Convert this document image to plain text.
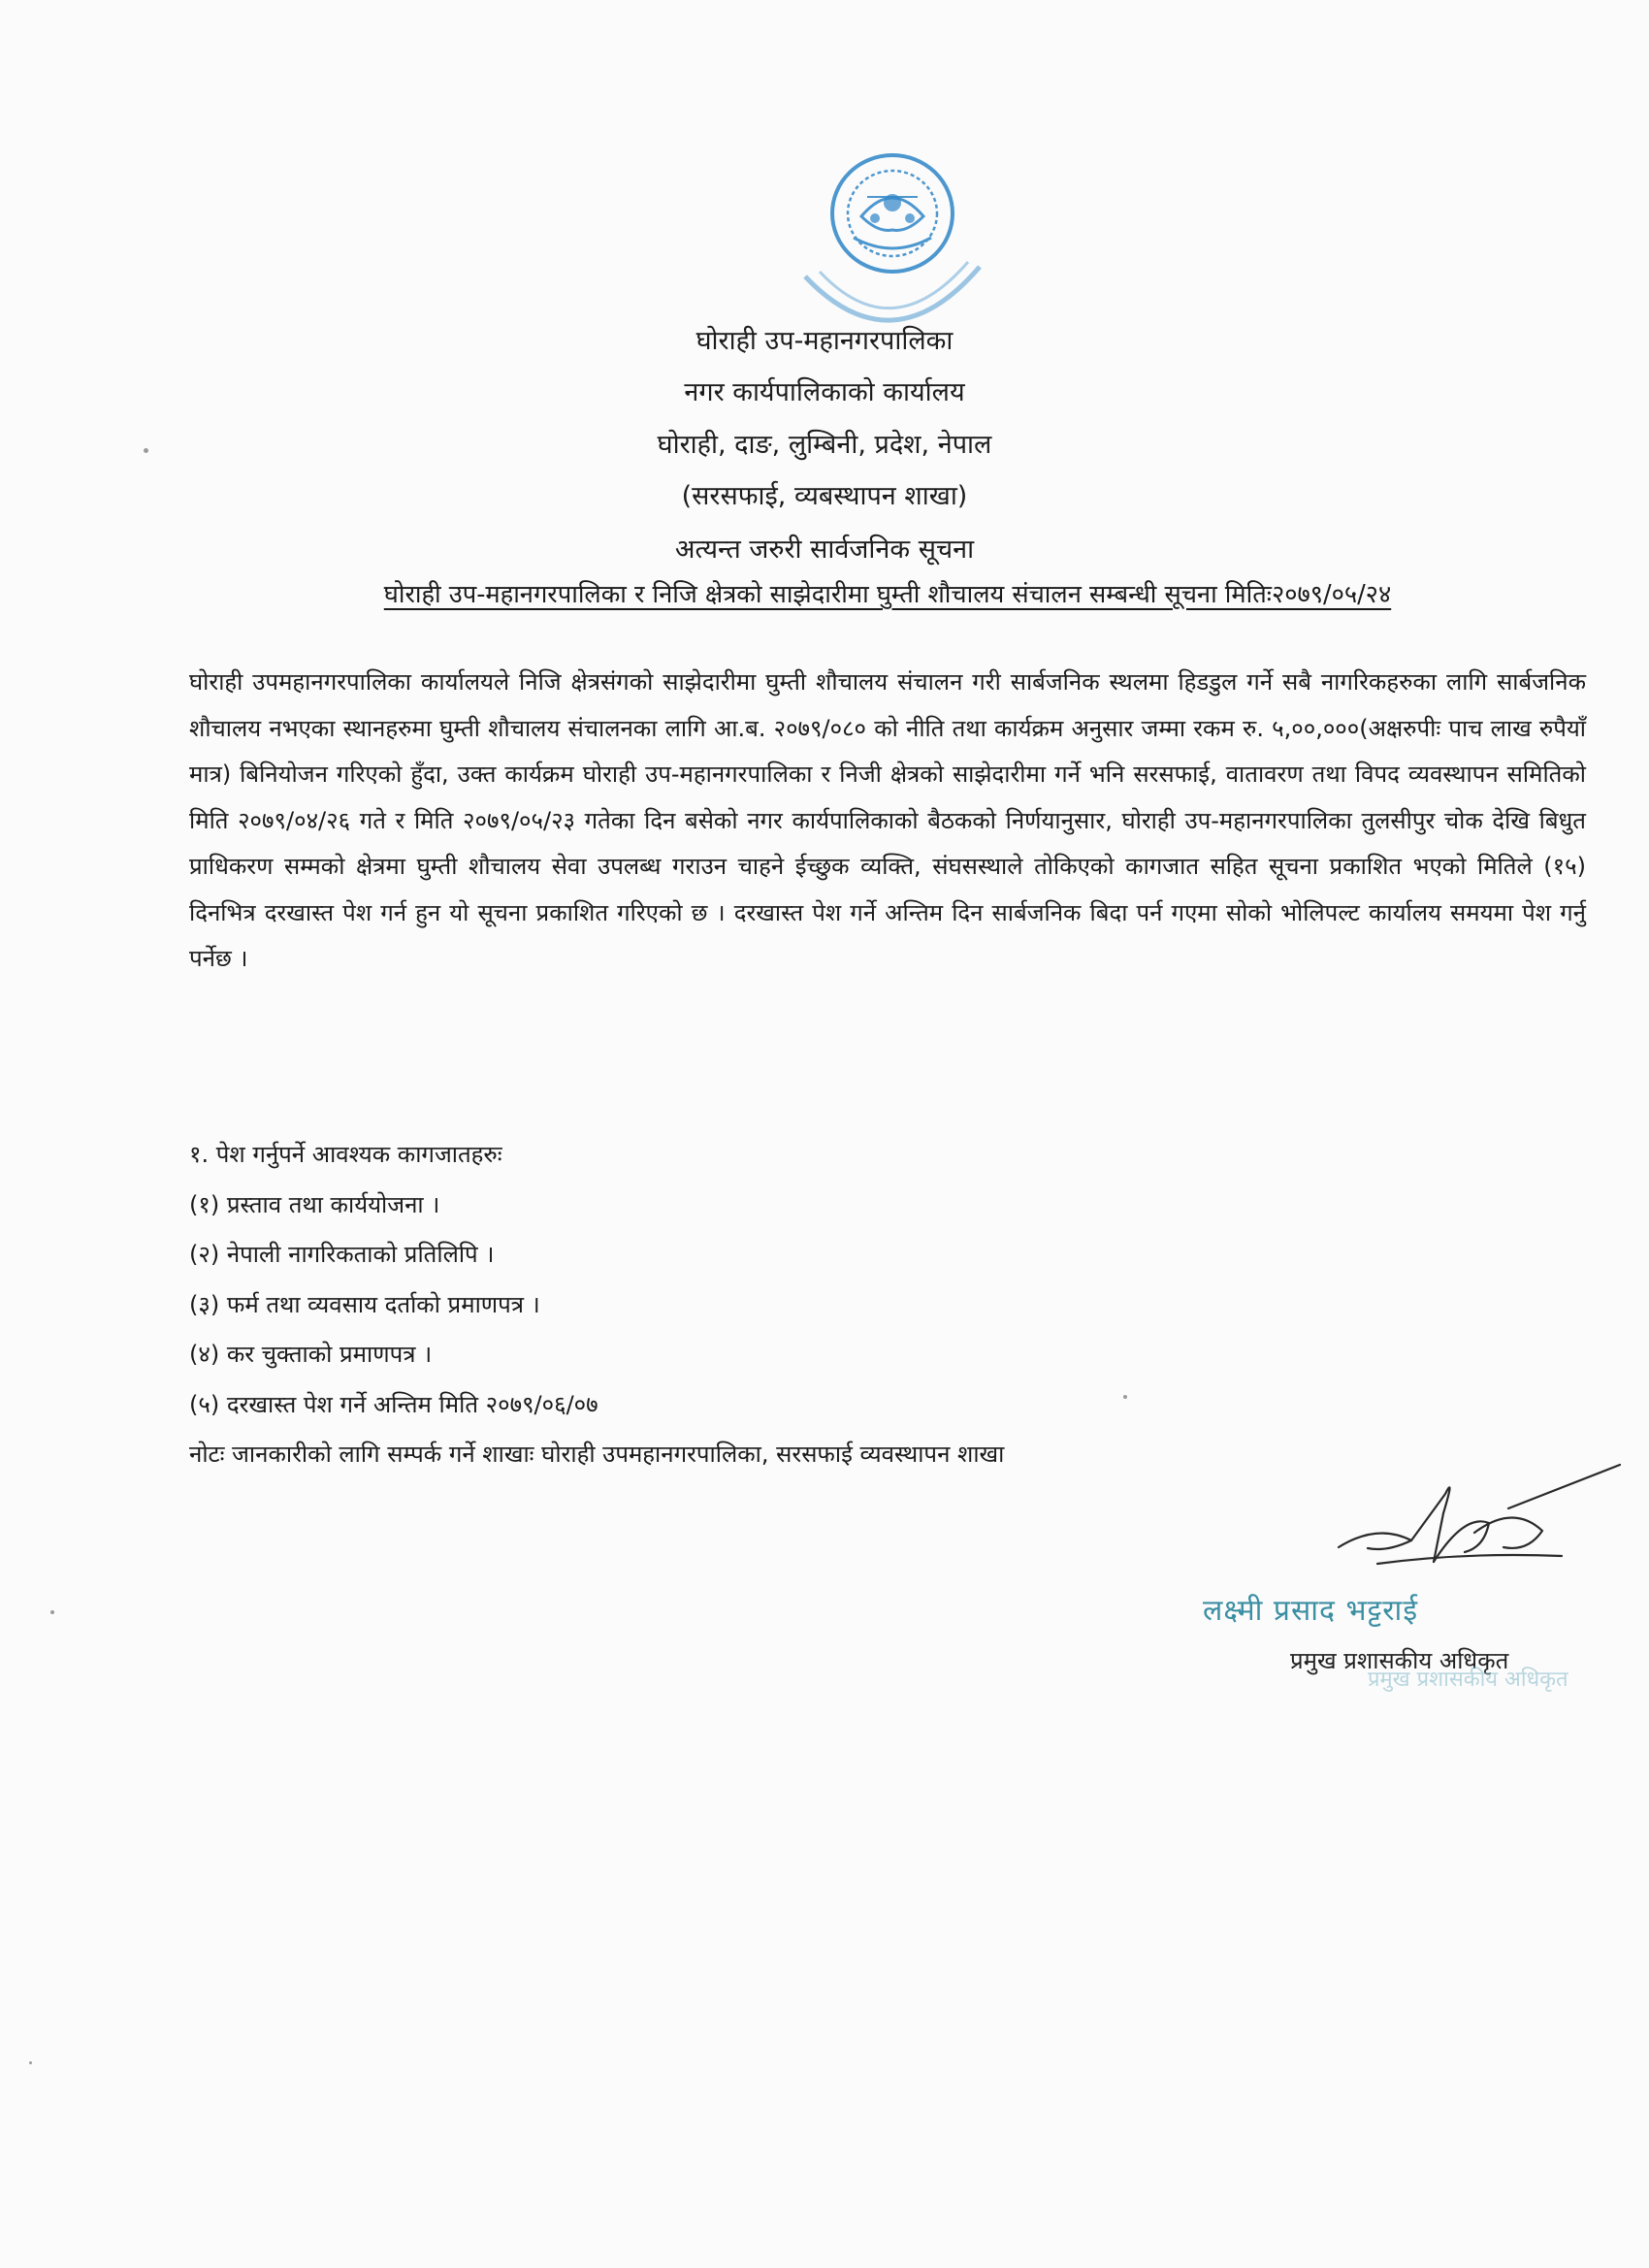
घोराही उप-महानगरपालिका
नगर कार्यपालिकाको कार्यालय
घोराही, दाङ, लुम्बिनी, प्रदेश, नेपाल
(सरसफाई, व्यबस्थापन शाखा)
अत्यन्त जरुरी सार्वजनिक सूचना
घोराही उप-महानगरपालिका र निजि क्षेत्रको साझेदारीमा घुम्ती शौचालय संचालन सम्बन्धी सूचना मितिः२०७९/०५/२४
घोराही उपमहानगरपालिका कार्यालयले निजि क्षेत्रसंगको साझेदारीमा घुम्ती शौचालय संचालन गरी सार्बजनिक स्थलमा हिडडुल गर्ने सबै नागरिकहरुका लागि सार्बजनिक शौचालय नभएका स्थानहरुमा घुम्ती शौचालय संचालनका लागि आ.ब. २०७९/०८० को नीति तथा कार्यक्रम अनुसार जम्मा रकम रु. ५,००,०००(अक्षरुपीः पाच लाख रुपैयाँ मात्र) बिनियोजन गरिएको हुँदा, उक्त कार्यक्रम घोराही उप-महानगरपालिका र निजी क्षेत्रको साझेदारीमा गर्ने भनि सरसफाई, वातावरण तथा विपद व्यवस्थापन समितिको मिति २०७९/०४/२६ गते र मिति २०७९/०५/२३ गतेका दिन बसेको नगर कार्यपालिकाको बैठकको निर्णयानुसार, घोराही उप-महानगरपालिका तुलसीपुर चोक देखि बिधुत प्राधिकरण सम्मको क्षेत्रमा घुम्ती शौचालय सेवा उपलब्ध गराउन चाहने ईच्छुक व्यक्ति, संघसस्थाले तोकिएको कागजात सहित सूचना प्रकाशित भएको मितिले (१५) दिनभित्र दरखास्त पेश गर्न हुन यो सूचना प्रकाशित गरिएको छ । दरखास्त पेश गर्ने अन्तिम दिन सार्बजनिक बिदा पर्न गएमा सोको भोलिपल्ट कार्यालय समयमा पेश गर्नु पर्नेछ ।
१. पेश गर्नुपर्ने आवश्यक कागजातहरुः
(१) प्रस्ताव तथा कार्ययोजना ।
(२) नेपाली नागरिकताको प्रतिलिपि ।
(३) फर्म तथा व्यवसाय दर्ताको प्रमाणपत्र ।
(४) कर चुक्ताको प्रमाणपत्र ।
(५) दरखास्त पेश गर्ने अन्तिम मिति २०७९/०६/०७
नोटः जानकारीको लागि सम्पर्क गर्ने शाखाः घोराही उपमहानगरपालिका, सरसफाई व्यवस्थापन शाखा
लक्ष्मी प्रसाद भट्टराई
प्रमुख प्रशासकीय अधिकृत
प्रमुख प्रशासकीय अधिकृत
